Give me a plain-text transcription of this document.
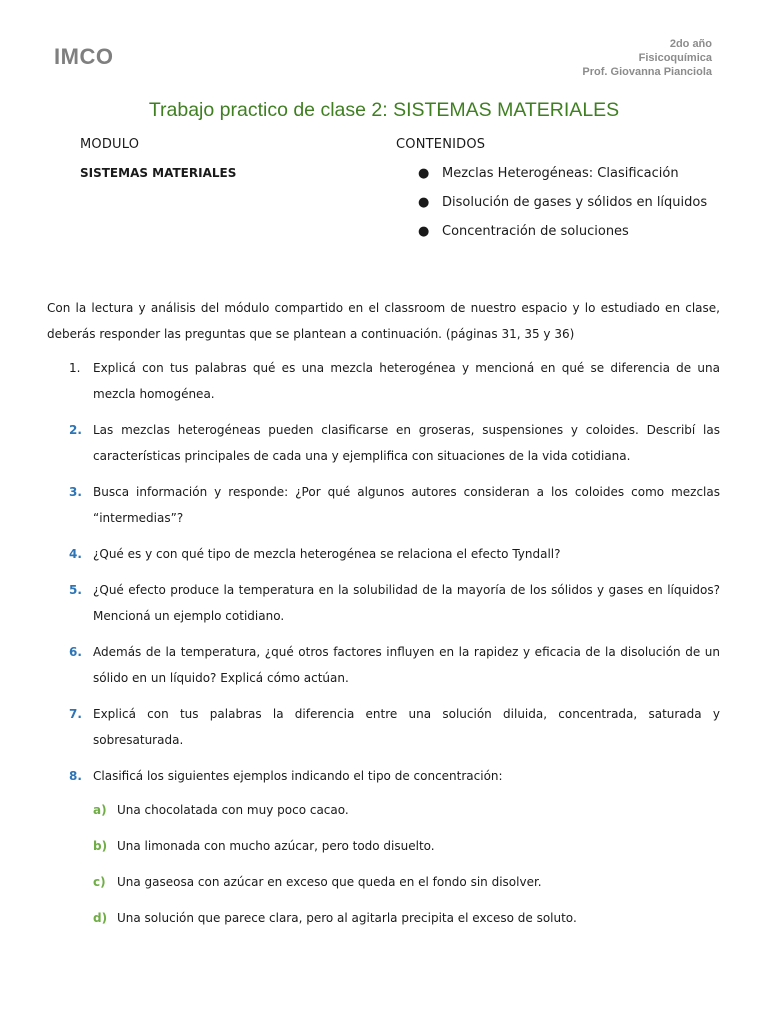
IMCO	2do año
Fisicoquímica
Prof. Giovanna Pianciola
Trabajo practico de clase 2: SISTEMAS MATERIALES
MODULO	CONTENIDOS
SISTEMAS MATERIALES	● Mezclas Heterogéneas: Clasificación
● Disolución de gases y sólidos en líquidos
● Concentración de soluciones

Con la lectura y análisis del módulo compartido en el classroom de nuestro espacio y lo estudiado en clase, deberás responder las preguntas que se plantean a continuación. (páginas 31, 35 y 36)

1. Explicá con tus palabras qué es una mezcla heterogénea y mencioná en qué se diferencia de una mezcla homogénea.
2. Las mezclas heterogéneas pueden clasificarse en groseras, suspensiones y coloides. Describí las características principales de cada una y ejemplifica con situaciones de la vida cotidiana.
3. Busca información y responde: ¿Por qué algunos autores consideran a los coloides como mezclas “intermedias”?
4. ¿Qué es y con qué tipo de mezcla heterogénea se relaciona el efecto Tyndall?
5. ¿Qué efecto produce la temperatura en la solubilidad de la mayoría de los sólidos y gases en líquidos? Mencioná un ejemplo cotidiano.
6. Además de la temperatura, ¿qué otros factores influyen en la rapidez y eficacia de la disolución de un sólido en un líquido? Explicá cómo actúan.
7. Explicá con tus palabras la diferencia entre una solución diluida, concentrada, saturada y sobresaturada.
8. Clasificá los siguientes ejemplos indicando el tipo de concentración:
a) Una chocolatada con muy poco cacao.
b) Una limonada con mucho azúcar, pero todo disuelto.
c) Una gaseosa con azúcar en exceso que queda en el fondo sin disolver.
d) Una solución que parece clara, pero al agitarla precipita el exceso de soluto.
